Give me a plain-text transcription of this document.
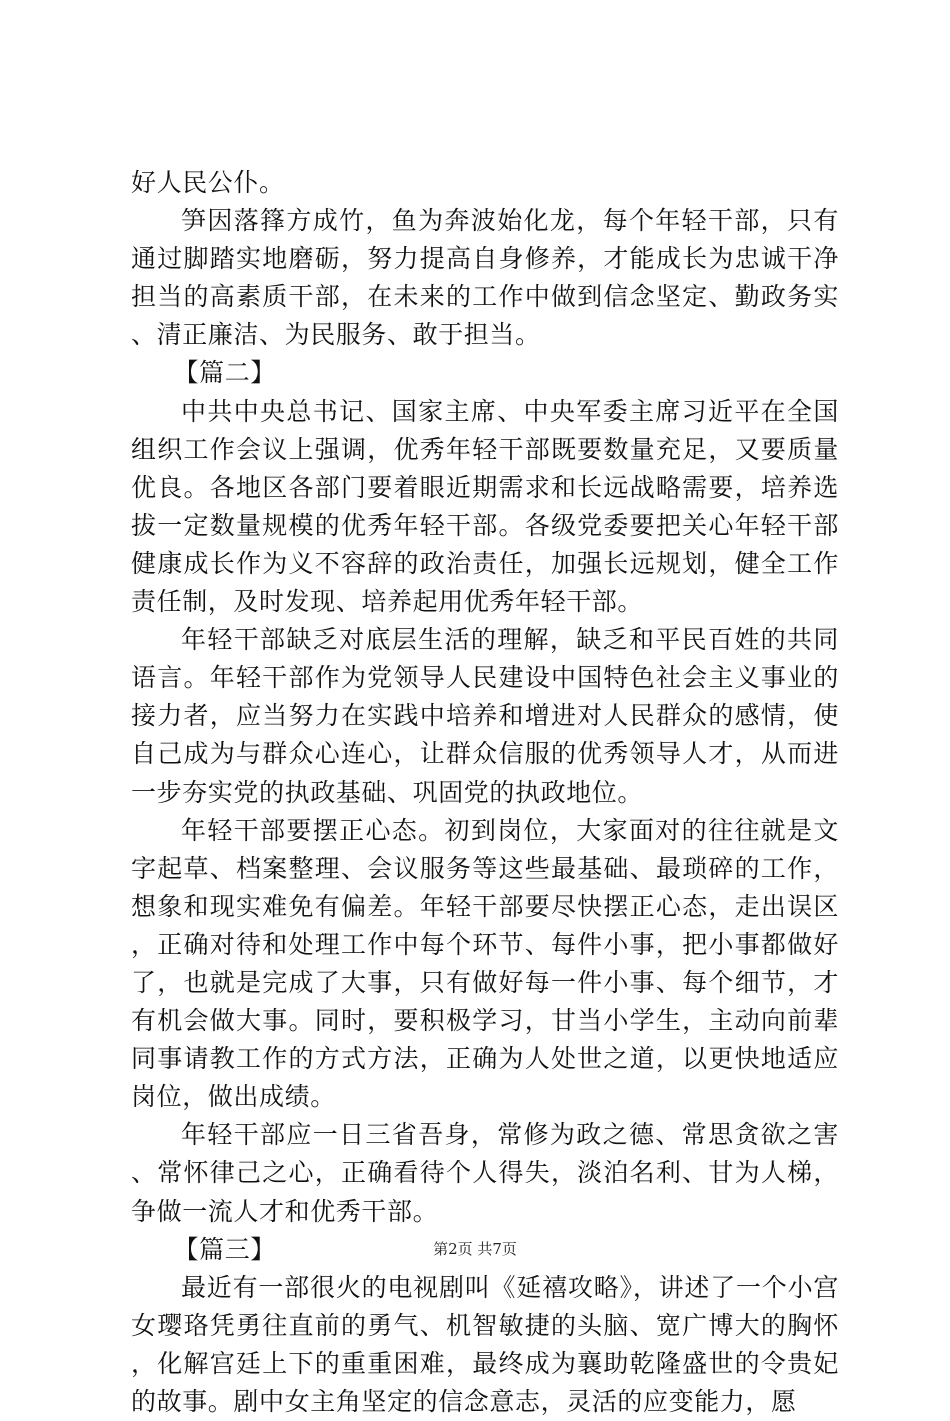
好人民公仆。

笋因落箨方成竹，鱼为奔波始化龙，每个年轻干部，只有通过脚踏实地磨砺，努力提高自身修养，才能成长为忠诚干净担当的高素质干部，在未来的工作中做到信念坚定、勤政务实、清正廉洁、为民服务、敢于担当。

【篇二】

中共中央总书记、国家主席、中央军委主席习近平在全国组织工作会议上强调，优秀年轻干部既要数量充足，又要质量优良。各地区各部门要着眼近期需求和长远战略需要，培养选拔一定数量规模的优秀年轻干部。各级党委要把关心年轻干部健康成长作为义不容辞的政治责任，加强长远规划，健全工作责任制，及时发现、培养起用优秀年轻干部。

年轻干部缺乏对底层生活的理解，缺乏和平民百姓的共同语言。年轻干部作为党领导人民建设中国特色社会主义事业的接力者，应当努力在实践中培养和增进对人民群众的感情，使自己成为与群众心连心，让群众信服的优秀领导人才，从而进一步夯实党的执政基础、巩固党的执政地位。

年轻干部要摆正心态。初到岗位，大家面对的往往就是文字起草、档案整理、会议服务等这些最基础、最琐碎的工作，想象和现实难免有偏差。年轻干部要尽快摆正心态，走出误区，正确对待和处理工作中每个环节、每件小事，把小事都做好了，也就是完成了大事，只有做好每一件小事、每个细节，才有机会做大事。同时，要积极学习，甘当小学生，主动向前辈同事请教工作的方式方法，正确为人处世之道，以更快地适应岗位，做出成绩。

年轻干部应一日三省吾身，常修为政之德、常思贪欲之害、常怀律己之心，正确看待个人得失，淡泊名利、甘为人梯，争做一流人才和优秀干部。

【篇三】

最近有一部很火的电视剧叫《延禧攻略》，讲述了一个小宫女璎珞凭勇往直前的勇气、机智敏捷的头脑、宽广博大的胸怀，化解宫廷上下的重重困难，最终成为襄助乾隆盛世的令贵妃的故事。剧中女主角坚定的信念意志，灵活的应变能力，愿

第2页 共7页
